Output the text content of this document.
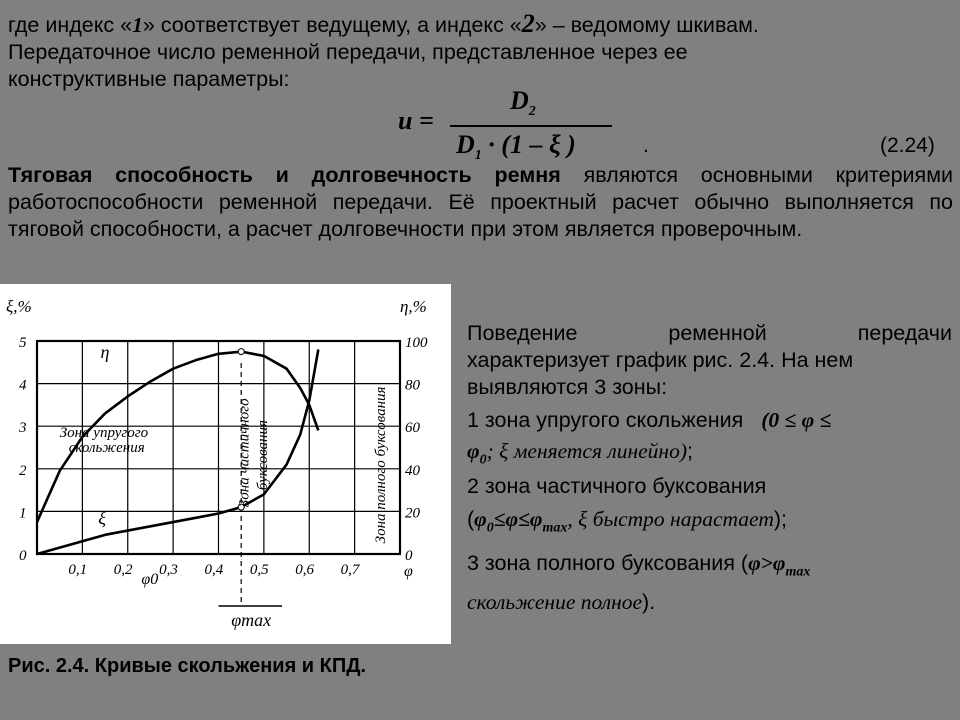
где индекс «1» соответствует ведущему, а индекс «2» – ведомому шкивам.
Передаточное число ременной передачи, представленное через ее
конструктивные параметры:
u =
$D_2$
$D_1 \cdot (1 - \xi$ )	.	(2.24)
Тяговая способность и долговечность ремня являются основными критериями работоспособности ременной передачи. Её проектный расчет обычно выполняется по тяговой способности, а расчет долговечности при этом является проверочным.
0
1
2
3
4
5
0
20
40
60
80
100
0,1 0,2 0,3 0,4 0,5 0,6 0,7
ξ,%	η,%
φ
φ0
φmax
η
ξ
Зона упругого
скольжения	Зона частичного буксования	Зона полного буксования
Рис. 2.4. Кривые скольжения и КПД.
Поведение ременной передачи
характеризует график рис. 2.4. На нем
выявляются 3 зоны:
1 зона упругого скольжения (0 ≤ φ ≤
$\varphi_0$; ξ меняется линейно);
2 зона частичного буксования
($\varphi_0\le\varphi\le\varphi_{max}$, ξ быстро нарастает);
3 зона полного буксования ($\varphi>\varphi_{max}$
скольжение полное).
